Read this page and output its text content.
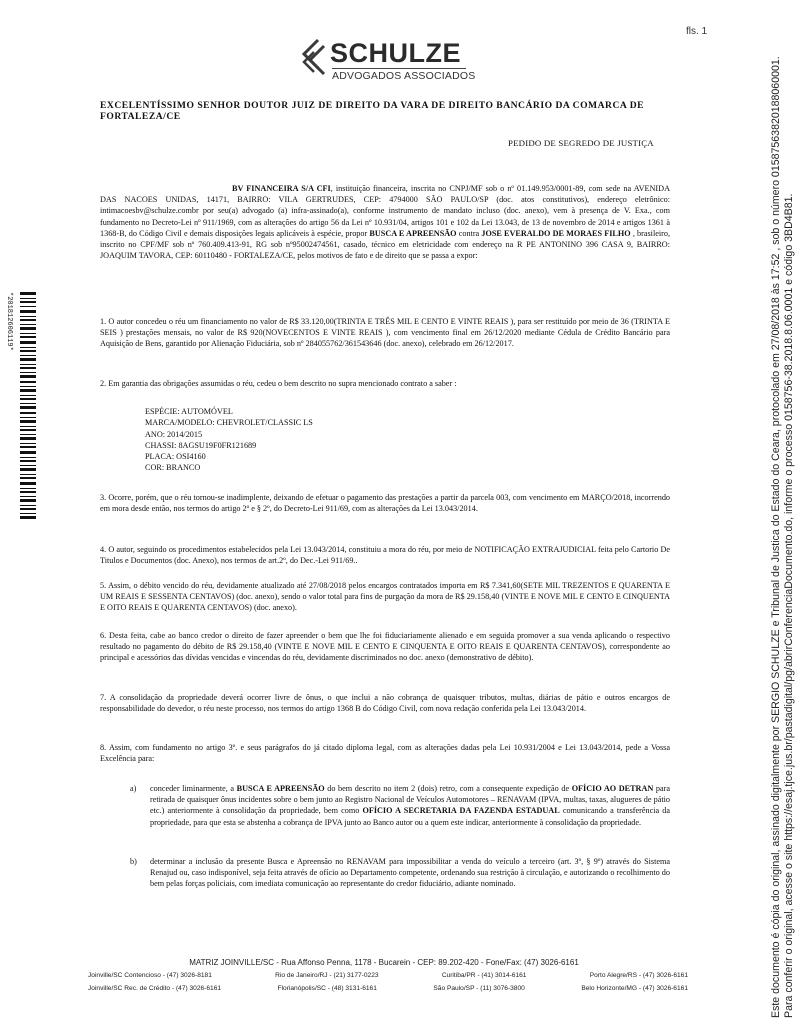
fls. 1
SCHULZE
ADVOGADOS ASSOCIADOS
EXCELENTÍSSIMO SENHOR DOUTOR JUIZ DE DIREITO DA VARA DE DIREITO BANCÁRIO DA COMARCA DE FORTALEZA/CE
PEDIDO DE SEGREDO DE JUSTIÇA
BV FINANCEIRA S/A CFI, instituição financeira, inscrita no CNPJ/MF sob o nº 01.149.953/0001-89, com sede na AVENIDA DAS NACOES UNIDAS, 14171, BAIRRO: VILA GERTRUDES, CEP: 4794000 SÃO PAULO/SP (doc. atos constitutivos), endereço eletrônico: intimacoesbv@schulze.combr por seu(a) advogado (a) infra-assinado(a), conforme instrumento de mandato incluso (doc. anexo), vem à presença de V. Exa., com fundamento no Decreto-Lei nº 911/1969, com as alterações do artigo 56 da Lei nº 10.931/04, artigos 101 e 102 da Lei 13.043, de 13 de novembro de 2014 e artigos 1361 à 1368-B, do Código Civil e demais disposições legais aplicáveis à espécie, propor BUSCA E APREENSÃO contra JOSE EVERALDO DE MORAES FILHO , brasileiro, inscrito no CPF/MF sob nº 760.409.413-91, RG sob nº95002474561, casado, técnico em eletricidade com endereço na R PE ANTONINO 396 CASA 9, BAIRRO: JOAQUIM TAVORA, CEP: 60110480 - FORTALEZA/CE, pelos motivos de fato e de direito que se passa a expor:
1. O autor concedeu o réu um financiamento no valor de R$ 33.120,00(TRINTA E TRÊS MIL E CENTO E VINTE REAIS ), para ser restituído por meio de 36 (TRINTA E SEIS ) prestações mensais, no valor de R$ 920(NOVECENTOS E VINTE REAIS ), com vencimento final em 26/12/2020 mediante Cédula de Crédito Bancário para Aquisição de Bens, garantido por Alienação Fiduciária, sob nº 284055762/361543646 (doc. anexo), celebrado em 26/12/2017.
2. Em garantia das obrigações assumidas o réu, cedeu o bem descrito no supra mencionado contrato a saber :
ESPÉCIE: AUTOMÓVEL
MARCA/MODELO: CHEVROLET/CLASSIC LS
ANO: 2014/2015
CHASSI: 8AGSU19F0FR121689
PLACA: OSI4160
COR: BRANCO
3. Ocorre, porém, que o réu tornou-se inadimplente, deixando de efetuar o pagamento das prestações a partir da parcela 003, com vencimento em MARÇO/2018, incorrendo em mora desde então, nos termos do artigo 2º e § 2º, do Decreto-Lei 911/69, com as alterações da Lei 13.043/2014.
4. O autor, seguindo os procedimentos estabelecidos pela Lei 13.043/2014, constituiu a mora do réu, por meio de NOTIFICAÇÃO EXTRAJUDICIAL feita pelo Cartorio De Titulos e Documentos (doc. Anexo), nos termos de art.2º, do Dec.-Lei 911/69..
5. Assim, o débito vencido do réu, devidamente atualizado até 27/08/2018 pelos encargos contratados importa em R$ 7.341,60(SETE MIL TREZENTOS E QUARENTA E UM REAIS E SESSENTA CENTAVOS) (doc. anexo), sendo o valor total para fins de purgação da mora de R$ 29.158,40 (VINTE E NOVE MIL E CENTO E CINQUENTA E OITO REAIS E QUARENTA CENTAVOS) (doc. anexo).
6. Desta feita, cabe ao banco credor o direito de fazer apreender o bem que lhe foi fiduciariamente alienado e em seguida promover a sua venda aplicando o respectivo resultado no pagamento do débito de R$ 29.158,40 (VINTE E NOVE MIL E CENTO E CINQUENTA E OITO REAIS E QUARENTA CENTAVOS), correspondente ao principal e acessórios das dívidas vencidas e vincendas do réu, devidamente discriminados no doc. anexo (demonstrativo de débito).
7. A consolidação da propriedade deverá ocorrer livre de ônus, o que inclui a não cobrança de quaisquer tributos, multas, diárias de pátio e outros encargos de responsabilidade do devedor, o réu neste processo, nos termos do artigo 1368 B do Código Civil, com nova redação conferida pela Lei 13.043/2014.
8. Assim, com fundamento no artigo 3º. e seus parágrafos do já citado diploma legal, com as alterações dadas pela Lei 10.931/2004 e Lei 13.043/2014, pede a Vossa Excelência para:
a) conceder liminarmente, a BUSCA E APREENSÃO do bem descrito no item 2 (dois) retro, com a consequente expedição de OFÍCIO AO DETRAN para retirada de quaisquer ônus incidentes sobre o bem junto ao Registro Nacional de Veículos Automotores – RENAVAM (IPVA, multas, taxas, alugueres de pátio etc.) anteriormente à consolidação da propriedade, bem como OFÍCIO A SECRETARIA DA FAZENDA ESTADUAL comunicando a transferência da propriedade, para que esta se abstenha a cobrança de IPVA junto ao Banco autor ou a quem este indicar, anteriormente à consolidação da propriedade.
b) determinar a inclusão da presente Busca e Apreensão no RENAVAM para impossibilitar a venda do veículo a terceiro (art. 3º, § 9º) através do Sistema Renajud ou, caso indisponível, seja feita através de ofício ao Departamento competente, ordenando sua restrição à circulação, e autorizando o recolhimento do bem pelas forças policiais, com imediata comunicação ao representante do credor fiduciário, adiante nominado.
MATRIZ JOINVILLE/SC - Rua Affonso Penna, 1178 - Bucarein - CEP: 89.202-420 - Fone/Fax: (47) 3026-6161
Joinville/SC Contencioso - (47) 3026-8181	Rio de Janeiro/RJ - (21) 3177-0223	Curitiba/PR - (41) 3014-6161	Porto Alegre/RS - (47) 3026-6161
Joinville/SC Rec. de Crédito - (47) 3026-6161	Florianópolis/SC - (48) 3131-6161	São Paulo/SP - (11) 3076-3800	Belo Horizonte/MG - (47) 3026-6161
*201812606119*	Este documento é cópia do original, assinado digitalmente por SERGIO SCHULZE e Tribunal de Justica do Estado do Ceara, protocolado em 27/08/2018 às 17:52 , sob o número 01587563820188060001. Para conferir o original, acesse o site https://esaj.tjce.jus.br/pastadigital/pg/abrirConferenciaDocumento.do, informe o processo 0158756-38.2018.8.06.0001 e código 3BD4B81.
